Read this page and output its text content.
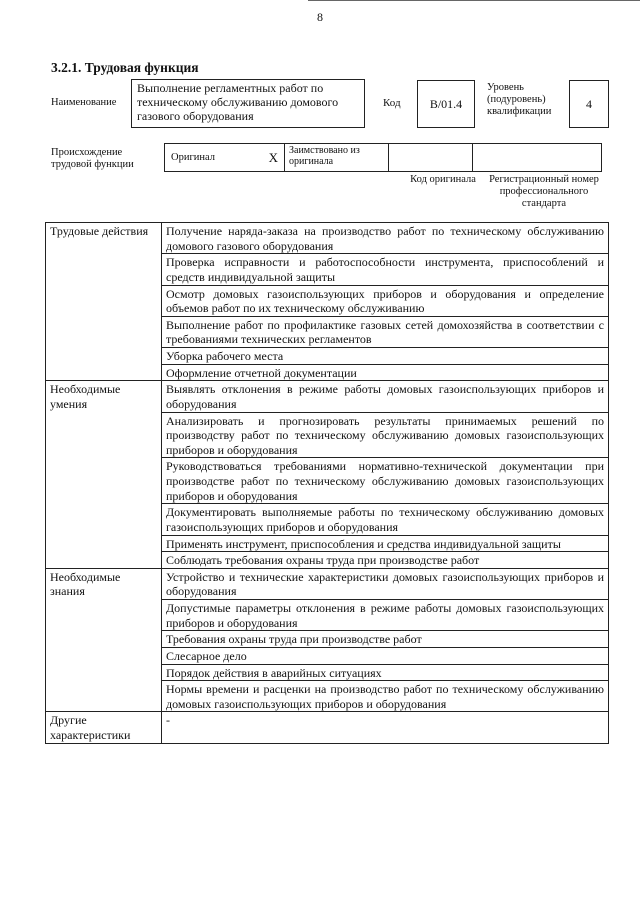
8
3.2.1. Трудовая функция
Наименование
Выполнение регламентных работ по техническому обслуживанию домового газового оборудования
Код	B/01.4
Уровень (подуровень) квалификации
4
Происхождение трудовой функции
Оригинал	X	Заимствовано из оригинала
Код оригинала	Регистрационный номер профессионального стандарта
Трудовые действия	Получение наряда-заказа на производство работ по техническому обслуживанию домового газового оборудования
	Проверка исправности и работоспособности инструмента, приспособлений и средств индивидуальной защиты
	Осмотр домовых газоиспользующих приборов и оборудования и определение объемов работ по их техническому обслуживанию
	Выполнение работ по профилактике газовых сетей домохозяйства в соответствии с требованиями технических регламентов
	Уборка рабочего места
	Оформление отчетной документации
Необходимые умения	Выявлять отклонения в режиме работы домовых газоиспользующих приборов и оборудования
	Анализировать и прогнозировать результаты принимаемых решений по производству работ по техническому обслуживанию домовых газоиспользующих приборов и оборудования
	Руководствоваться требованиями нормативно-технической документации при производстве работ по техническому обслуживанию домовых газоиспользующих приборов и оборудования
	Документировать выполняемые работы по техническому обслуживанию домовых газоиспользующих приборов и оборудования
	Применять инструмент, приспособления и средства индивидуальной защиты
	Соблюдать требования охраны труда при производстве работ
Необходимые знания	Устройство и технические характеристики домовых газоиспользующих приборов и оборудования
	Допустимые параметры отклонения в режиме работы домовых газоиспользующих приборов и оборудования
	Требования охраны труда при производстве работ
	Слесарное дело
	Порядок действия в аварийных ситуациях
	Нормы времени и расценки на производство работ по техническому обслуживанию домовых газоиспользующих приборов и оборудования
Другие характеристики	-
